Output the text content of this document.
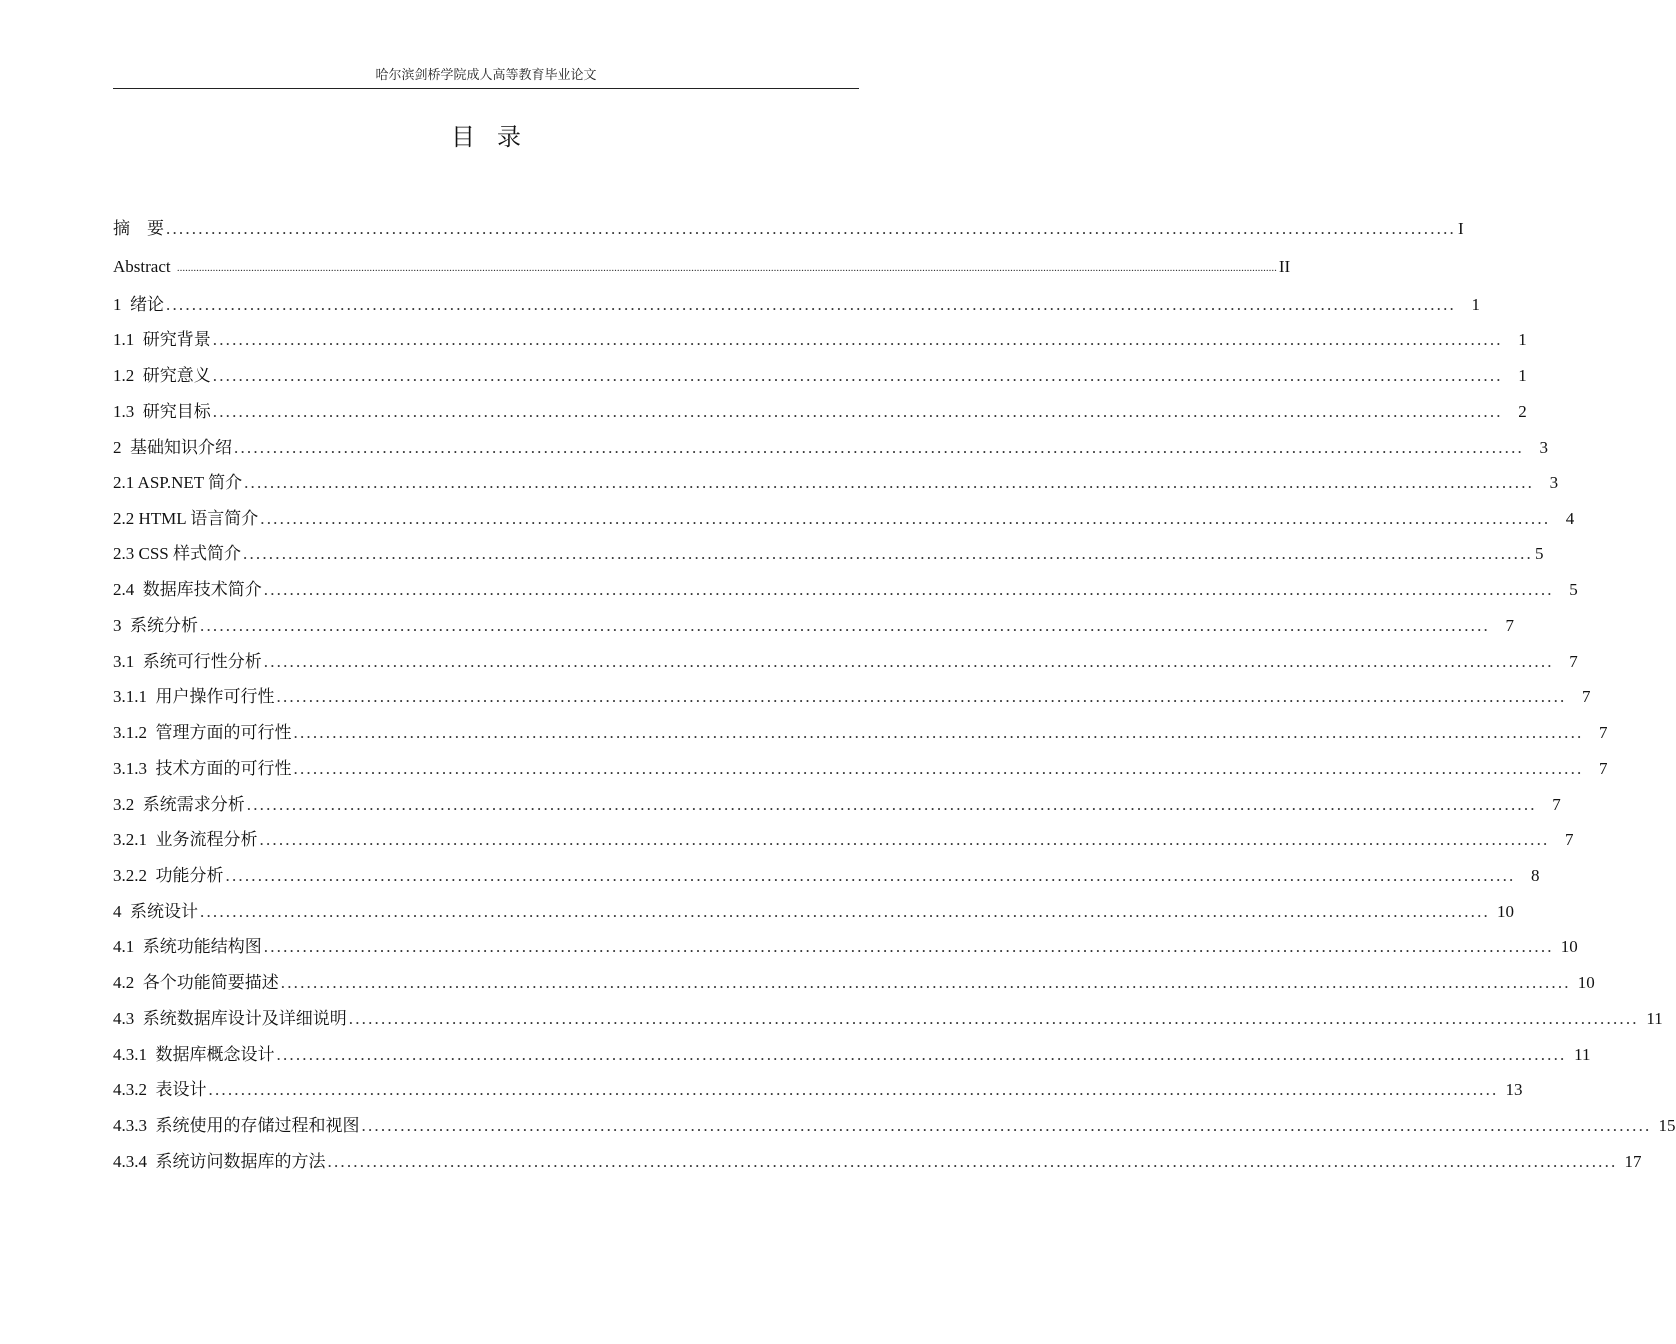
哈尔滨剑桥学院成人高等教育毕业论文
目录
摘    要 ........................................................................................................................................................................................................ I
Abstract ................................................................................................................................................................................................................................................................................................................................................................................................................ II
1  绪论 ........................................................................................................................................................................................................ 1
1.1  研究背景 ........................................................................................................................................................................................................ 1
1.2  研究意义 ........................................................................................................................................................................................................ 1
1.3  研究目标 ........................................................................................................................................................................................................ 2
2  基础知识介绍 ........................................................................................................................................................................................................ 3
2.1 ASP.NET 简介 ........................................................................................................................................................................................................ 3
2.2 HTML 语言简介 ........................................................................................................................................................................................................ 4
2.3 CSS 样式简介 ........................................................................................................................................................................................................ 5
2.4  数据库技术简介 ........................................................................................................................................................................................................ 5
3  系统分析 ........................................................................................................................................................................................................ 7
3.1  系统可行性分析 ........................................................................................................................................................................................................ 7
3.1.1  用户操作可行性 ........................................................................................................................................................................................................ 7
3.1.2  管理方面的可行性 ........................................................................................................................................................................................................ 7
3.1.3  技术方面的可行性 ........................................................................................................................................................................................................ 7
3.2  系统需求分析 ........................................................................................................................................................................................................ 7
3.2.1  业务流程分析 ........................................................................................................................................................................................................ 7
3.2.2  功能分析 ........................................................................................................................................................................................................ 8
4  系统设计 ........................................................................................................................................................................................................ 10
4.1  系统功能结构图 ........................................................................................................................................................................................................ 10
4.2  各个功能简要描述 ........................................................................................................................................................................................................ 10
4.3  系统数据库设计及详细说明 ........................................................................................................................................................................................................ 11
4.3.1  数据库概念设计 ........................................................................................................................................................................................................ 11
4.3.2  表设计 ........................................................................................................................................................................................................ 13
4.3.3  系统使用的存储过程和视图 ........................................................................................................................................................................................................ 15
4.3.4  系统访问数据库的方法 ........................................................................................................................................................................................................ 17
